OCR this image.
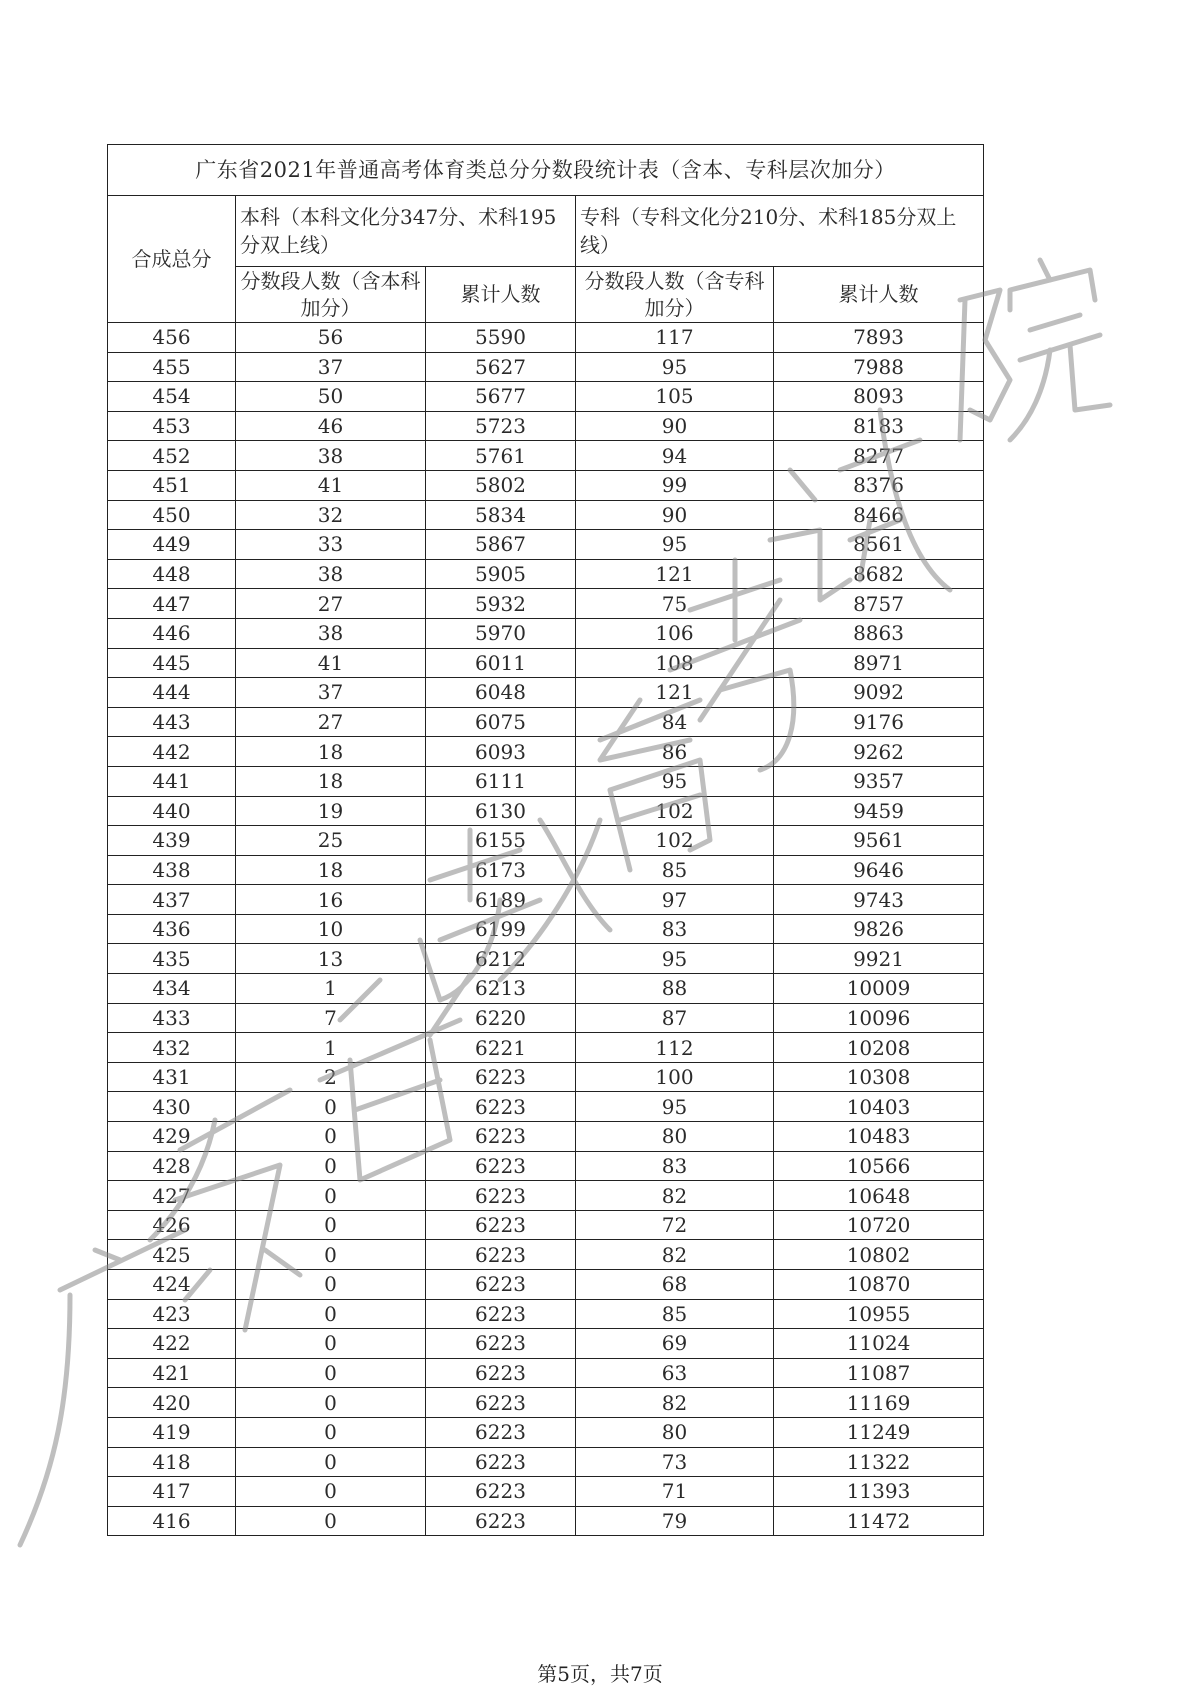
广东省2021年普通高考体育类总分分数段统计表（含本、专科层次加分）				
合成总分	本科（本科文化分347分、术科195分双上线）		专科（专科文化分210分、术科185分双上线）	
	分数段人数（含本科加分）	累计人数	分数段人数（含专科加分）	累计人数
456	56	5590	117	7893
455	37	5627	95	7988
454	50	5677	105	8093
453	46	5723	90	8183
452	38	5761	94	8277
451	41	5802	99	8376
450	32	5834	90	8466
449	33	5867	95	8561
448	38	5905	121	8682
447	27	5932	75	8757
446	38	5970	106	8863
445	41	6011	108	8971
444	37	6048	121	9092
443	27	6075	84	9176
442	18	6093	86	9262
441	18	6111	95	9357
440	19	6130	102	9459
439	25	6155	102	9561
438	18	6173	85	9646
437	16	6189	97	9743
436	10	6199	83	9826
435	13	6212	95	9921
434	1	6213	88	10009
433	7	6220	87	10096
432	1	6221	112	10208
431	2	6223	100	10308
430	0	6223	95	10403
429	0	6223	80	10483
428	0	6223	83	10566
427	0	6223	82	10648
426	0	6223	72	10720
425	0	6223	82	10802
424	0	6223	68	10870
423	0	6223	85	10955
422	0	6223	69	11024
421	0	6223	63	11087
420	0	6223	82	11169
419	0	6223	80	11249
418	0	6223	73	11322
417	0	6223	71	11393
416	0	6223	79	11472
第5页，共7页
